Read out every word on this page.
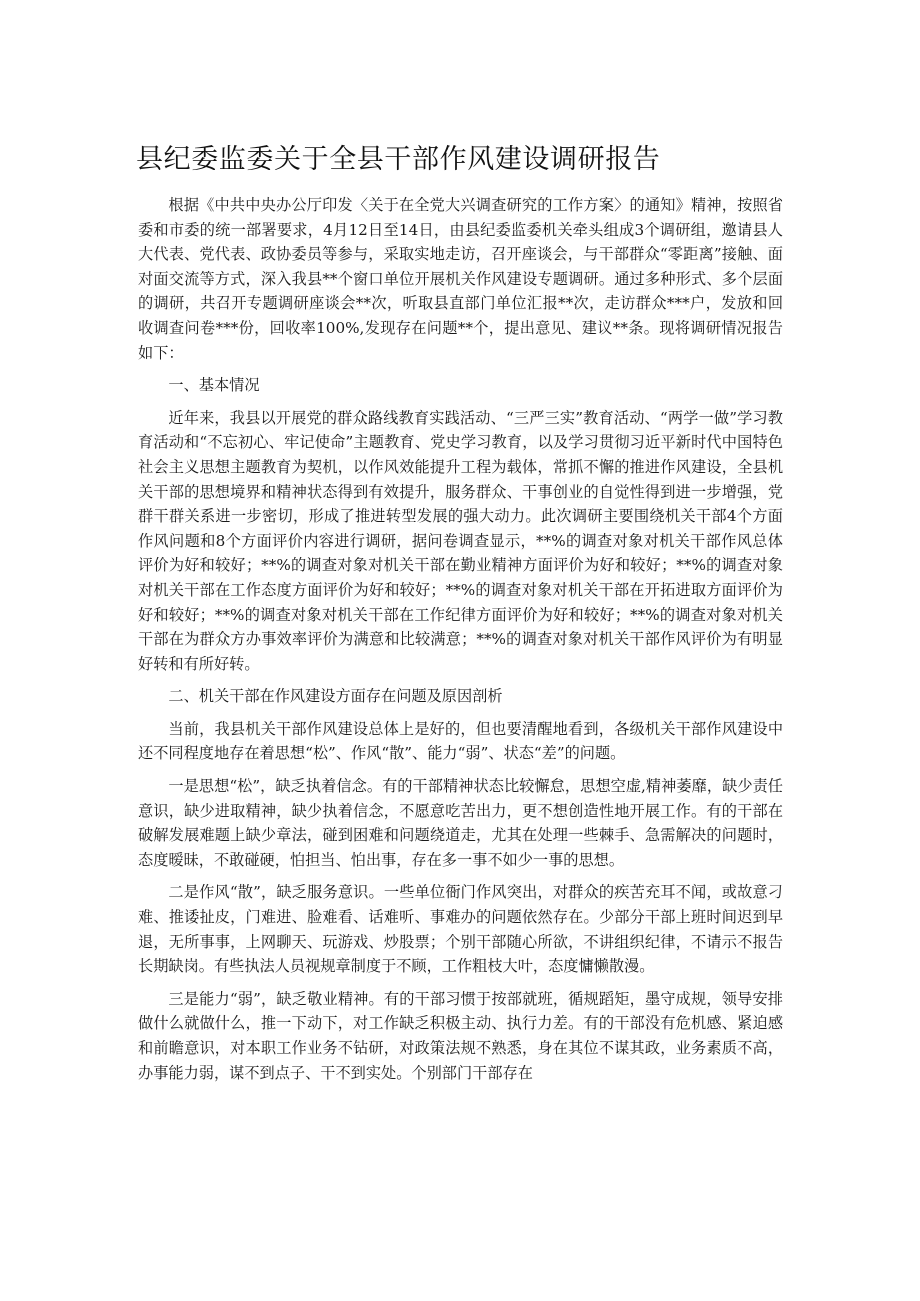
县纪委监委关于全县干部作风建设调研报告

根据《中共中央办公厅印发〈关于在全党大兴调查研究的工作方案〉的通知》精神，按照省委和市委的统一部署要求，4月12日至14日，由县纪委监委机关牵头组成3个调研组，邀请县人大代表、党代表、政协委员等参与，采取实地走访，召开座谈会，与干部群众“零距离”接触、面对面交流等方式，深入我县**个窗口单位开展机关作风建设专题调研。通过多种形式、多个层面的调研，共召开专题调研座谈会**次，听取县直部门单位汇报**次，走访群众***户，发放和回收调查问卷***份，回收率100%,发现存在问题**个，提出意见、建议**条。现将调研情况报告如下：

一、基本情况

近年来，我县以开展党的群众路线教育实践活动、“三严三实”教育活动、“两学一做”学习教育活动和“不忘初心、牢记使命”主题教育、党史学习教育，以及学习贯彻习近平新时代中国特色社会主义思想主题教育为契机，以作风效能提升工程为载体，常抓不懈的推进作风建设，全县机关干部的思想境界和精神状态得到有效提升，服务群众、干事创业的自觉性得到进一步增强，党群干群关系进一步密切，形成了推进转型发展的强大动力。此次调研主要围绕机关干部4个方面作风问题和8个方面评价内容进行调研，据问卷调查显示，**%的调查对象对机关干部作风总体评价为好和较好；**%的调查对象对机关干部在勤业精神方面评价为好和较好；**%的调查对象对机关干部在工作态度方面评价为好和较好；**%的调查对象对机关干部在开拓进取方面评价为好和较好；**%的调查对象对机关干部在工作纪律方面评价为好和较好；**%的调查对象对机关干部在为群众方办事效率评价为满意和比较满意；**%的调查对象对机关干部作风评价为有明显好转和有所好转。

二、机关干部在作风建设方面存在问题及原因剖析

当前，我县机关干部作风建设总体上是好的，但也要清醒地看到，各级机关干部作风建设中还不同程度地存在着思想“松”、作风“散”、能力“弱”、状态“差”的问题。

一是思想“松”，缺乏执着信念。有的干部精神状态比较懈怠，思想空虚,精神萎靡，缺少责任意识，缺少进取精神，缺少执着信念，不愿意吃苦出力，更不想创造性地开展工作。有的干部在破解发展难题上缺少章法，碰到困难和问题绕道走，尤其在处理一些棘手、急需解决的问题时，态度暧昧，不敢碰硬，怕担当、怕出事，存在多一事不如少一事的思想。

二是作风“散”，缺乏服务意识。一些单位衙门作风突出，对群众的疾苦充耳不闻，或故意刁难、推诿扯皮，门难进、脸难看、话难听、事难办的问题依然存在。少部分干部上班时间迟到早退，无所事事，上网聊天、玩游戏、炒股票；个别干部随心所欲，不讲组织纪律，不请示不报告长期缺岗。有些执法人员视规章制度于不顾，工作粗枝大叶，态度慵懒散漫。

三是能力“弱”，缺乏敬业精神。有的干部习惯于按部就班，循规蹈矩，墨守成规，领导安排做什么就做什么，推一下动下，对工作缺乏积极主动、执行力差。有的干部没有危机感、紧迫感和前瞻意识，对本职工作业务不钻研，对政策法规不熟悉，身在其位不谋其政，业务素质不高，办事能力弱，谋不到点子、干不到实处。个别部门干部存在
